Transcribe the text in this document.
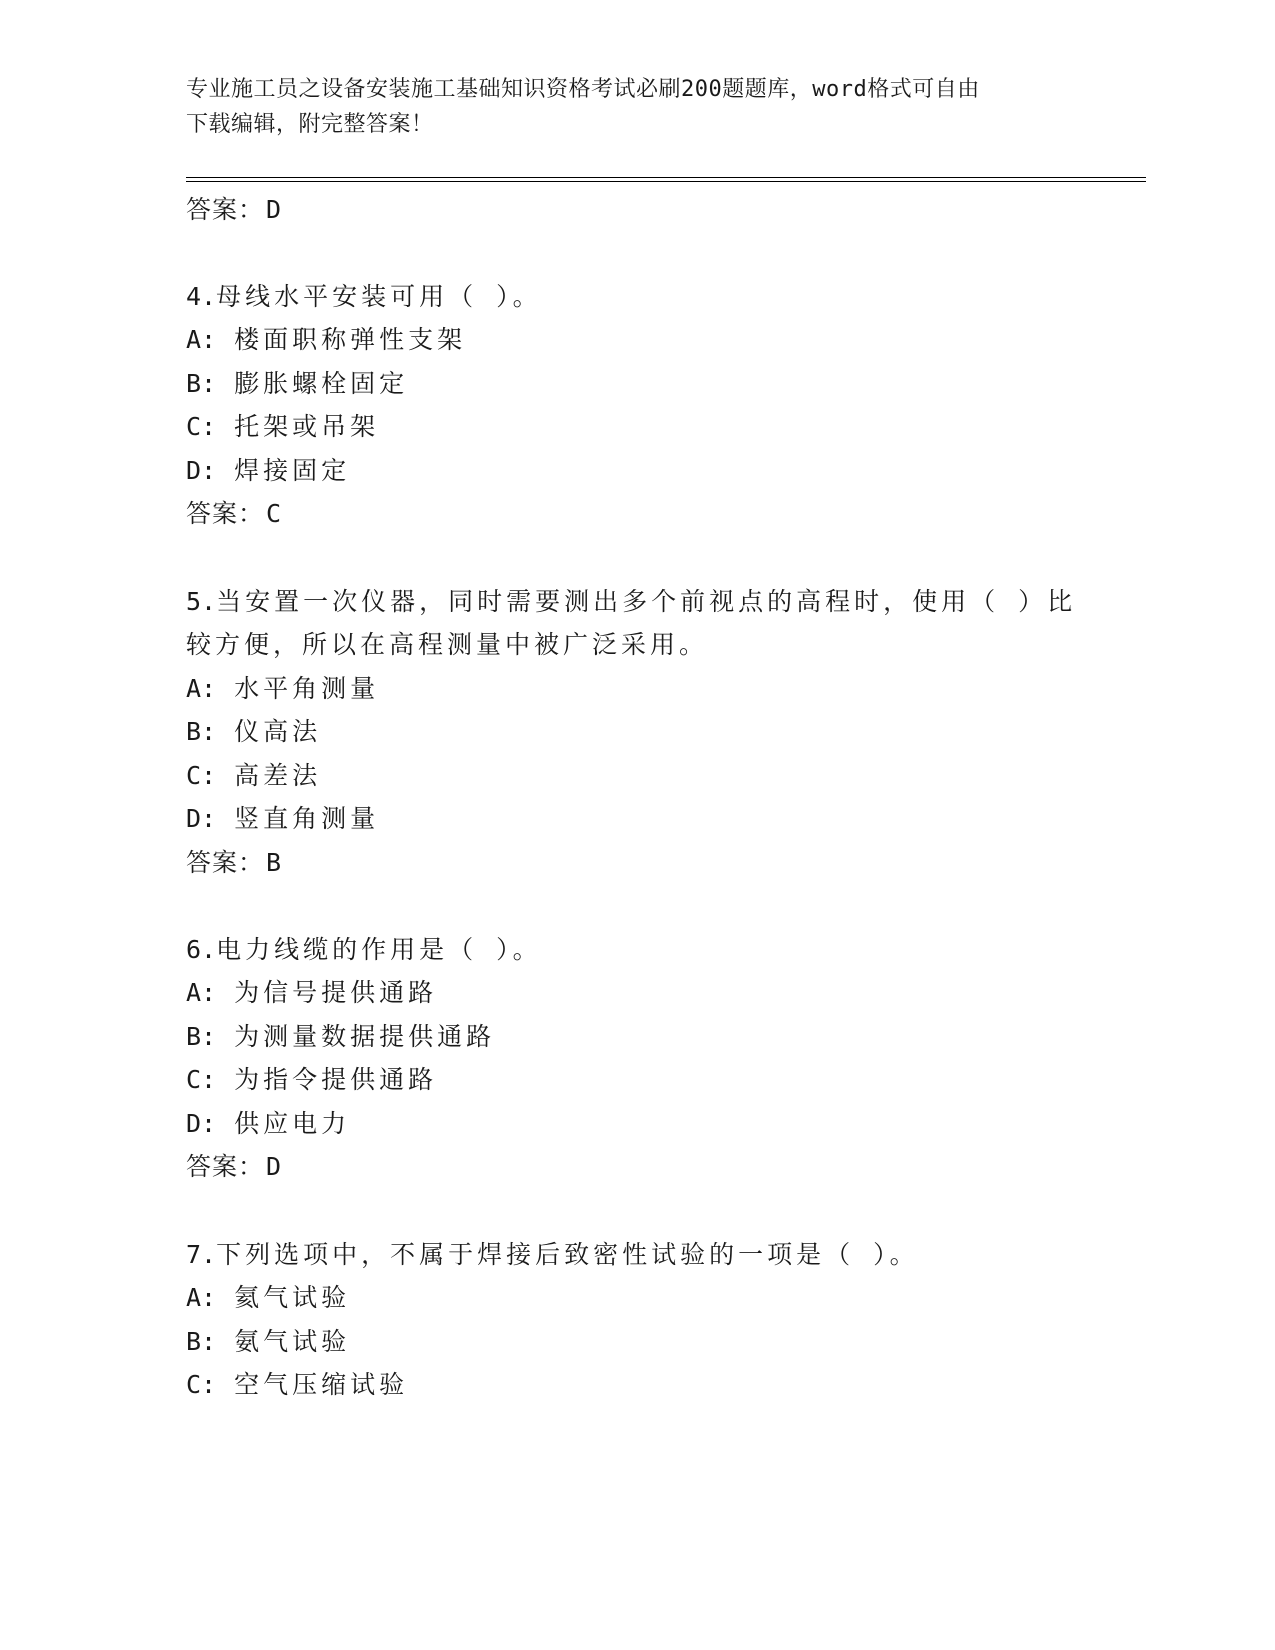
专业施工员之设备安装施工基础知识资格考试必刷200题题库，word格式可自由
下载编辑，附完整答案！
答案：D
4.母线水平安装可用（ ）。
A: 楼面职称弹性支架
B: 膨胀螺栓固定
C: 托架或吊架
D: 焊接固定
答案：C
5.当安置一次仪器，同时需要测出多个前视点的高程时，使用（ ）比
较方便，所以在高程测量中被广泛采用。
A: 水平角测量
B: 仪高法
C: 高差法
D: 竖直角测量
答案：B
6.电力线缆的作用是（ ）。
A: 为信号提供通路
B: 为测量数据提供通路
C: 为指令提供通路
D: 供应电力
答案：D
7.下列选项中，不属于焊接后致密性试验的一项是（ ）。
A: 氦气试验
B: 氨气试验
C: 空气压缩试验
